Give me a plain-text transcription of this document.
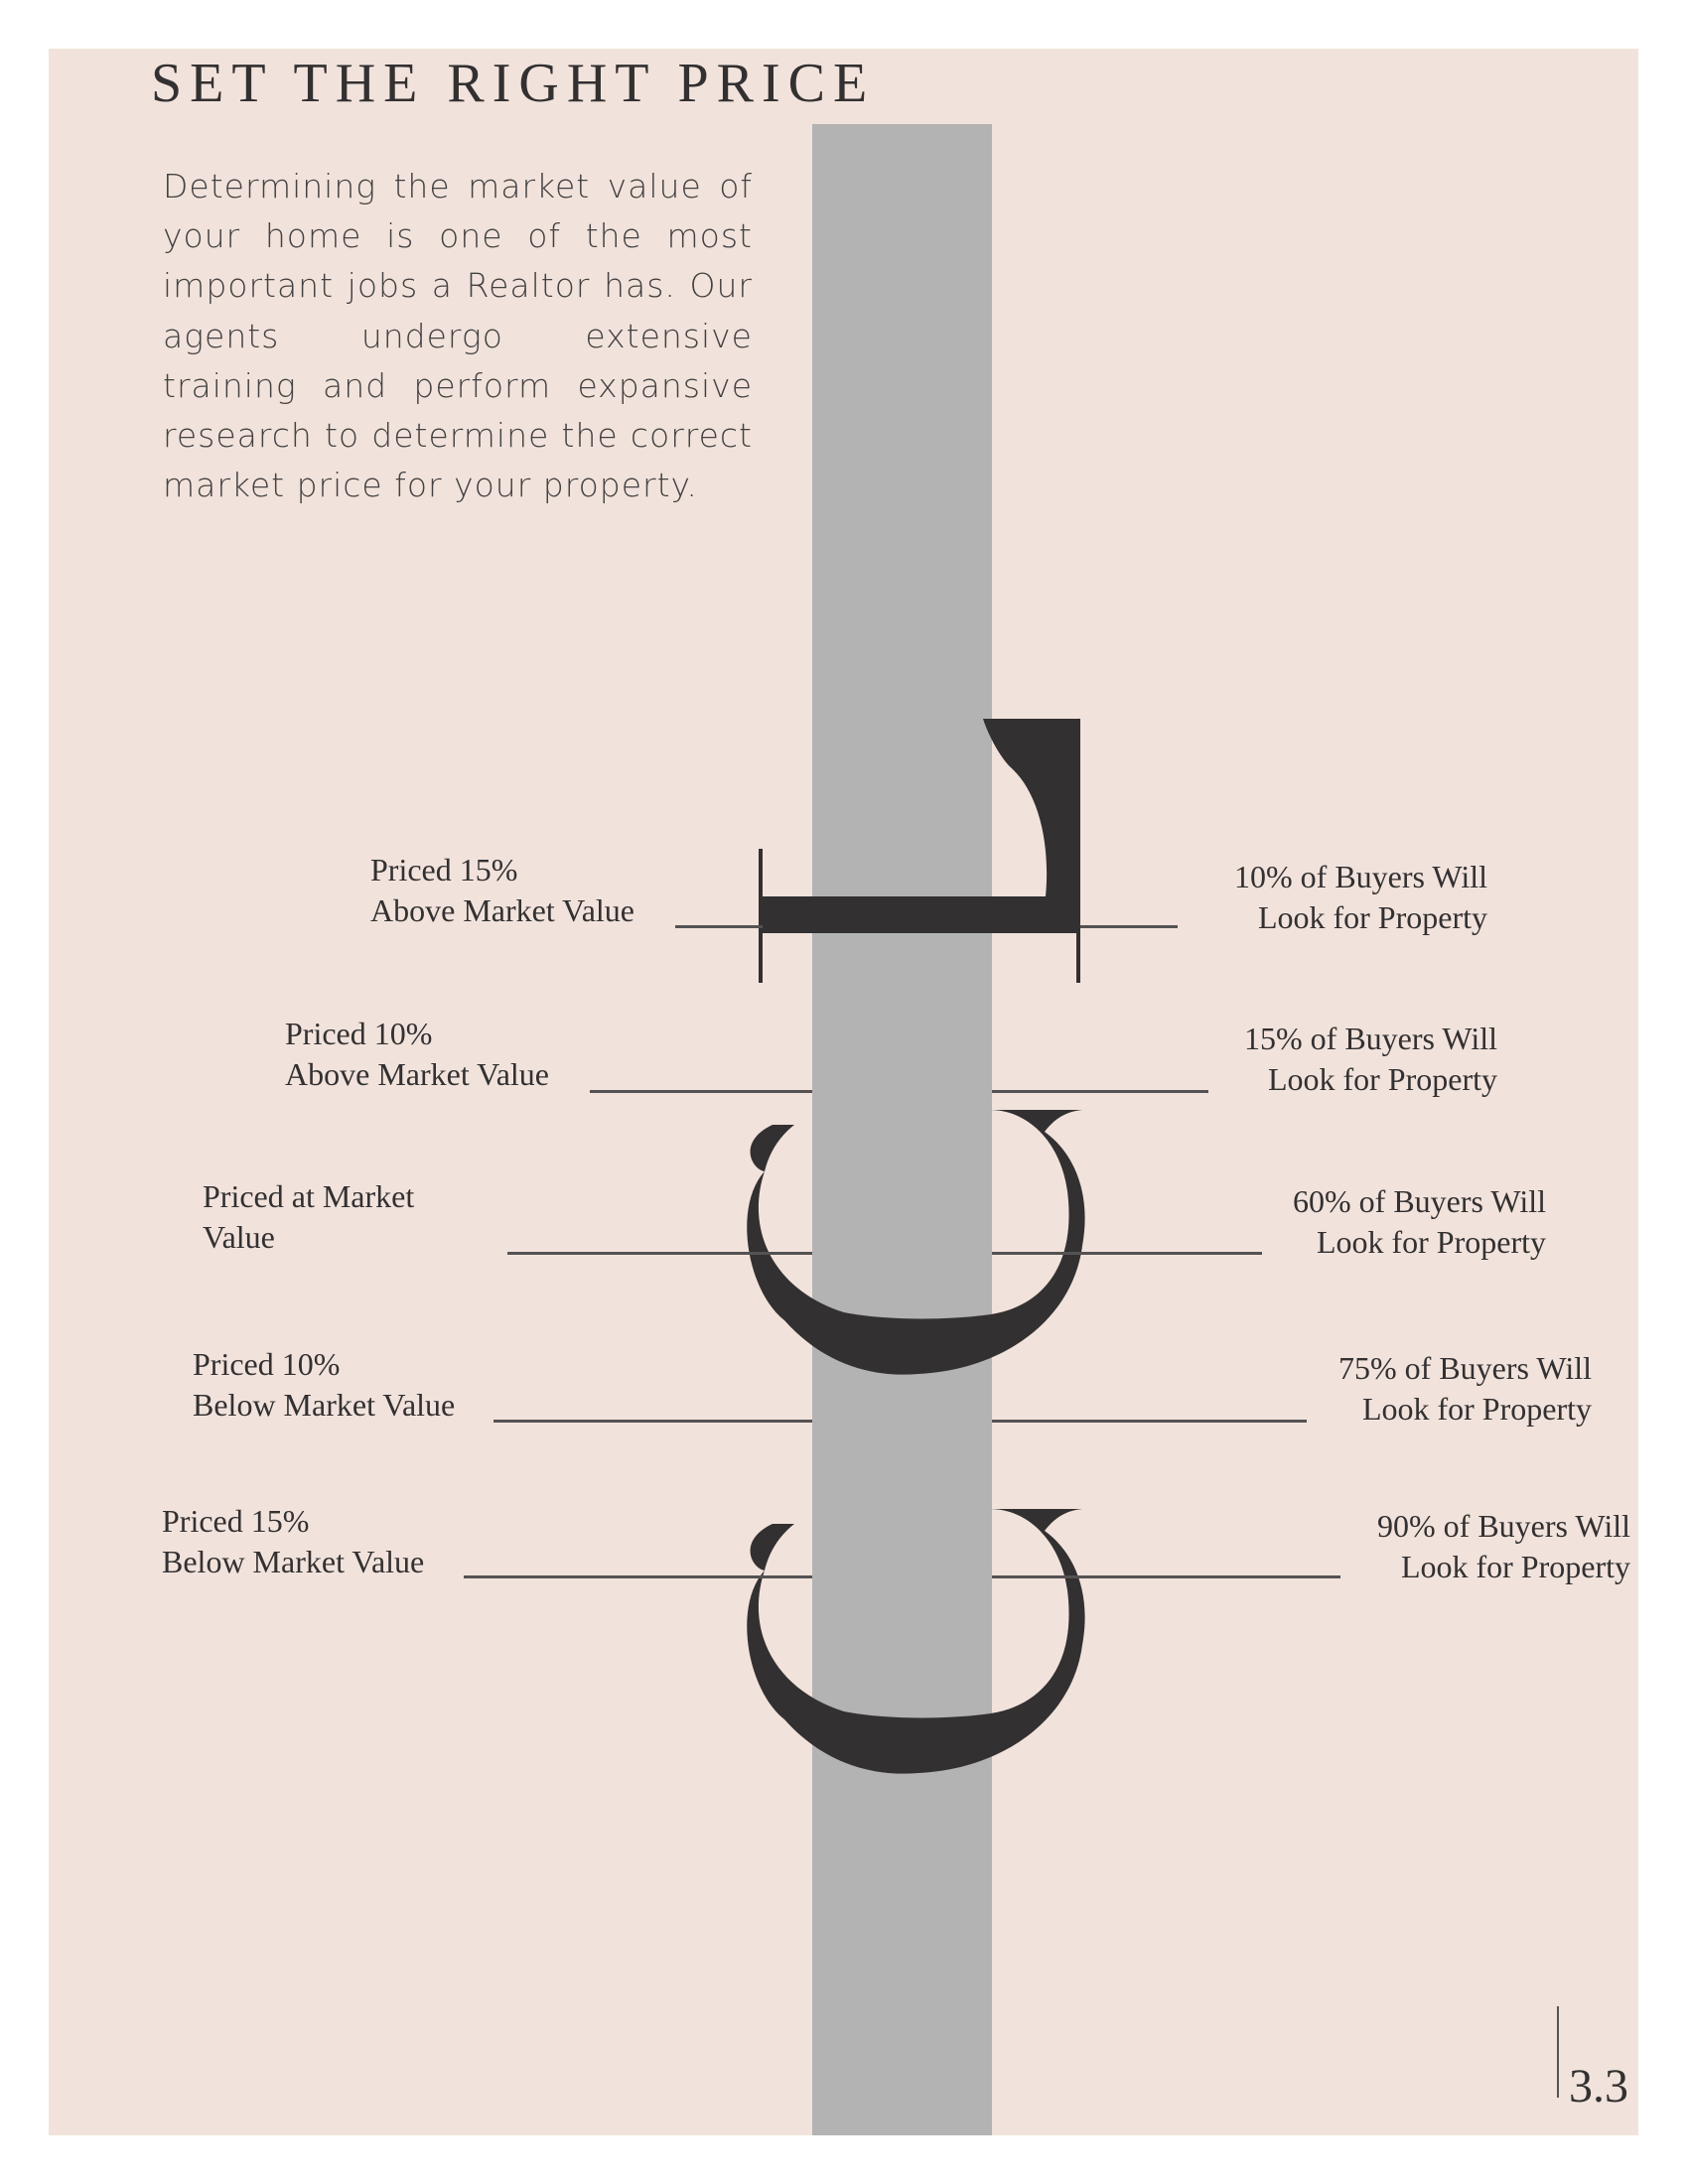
SET THE RIGHT PRICE
Determining the market value of your home is one of the most important jobs a Realtor has. Our agents undergo extensive training and perform expansive research to determine the correct market price for your property.
Priced 15%
Above Market Value
Priced 10%
Above Market Value
Priced at Market
Value
Priced 10%
Below Market Value
Priced 15%
Below Market Value
10% of Buyers Will
Look for Property
15% of Buyers Will
Look for Property
60% of Buyers Will
Look for Property
75% of Buyers Will
Look for Property
90% of Buyers Will
Look for Property
3.3
